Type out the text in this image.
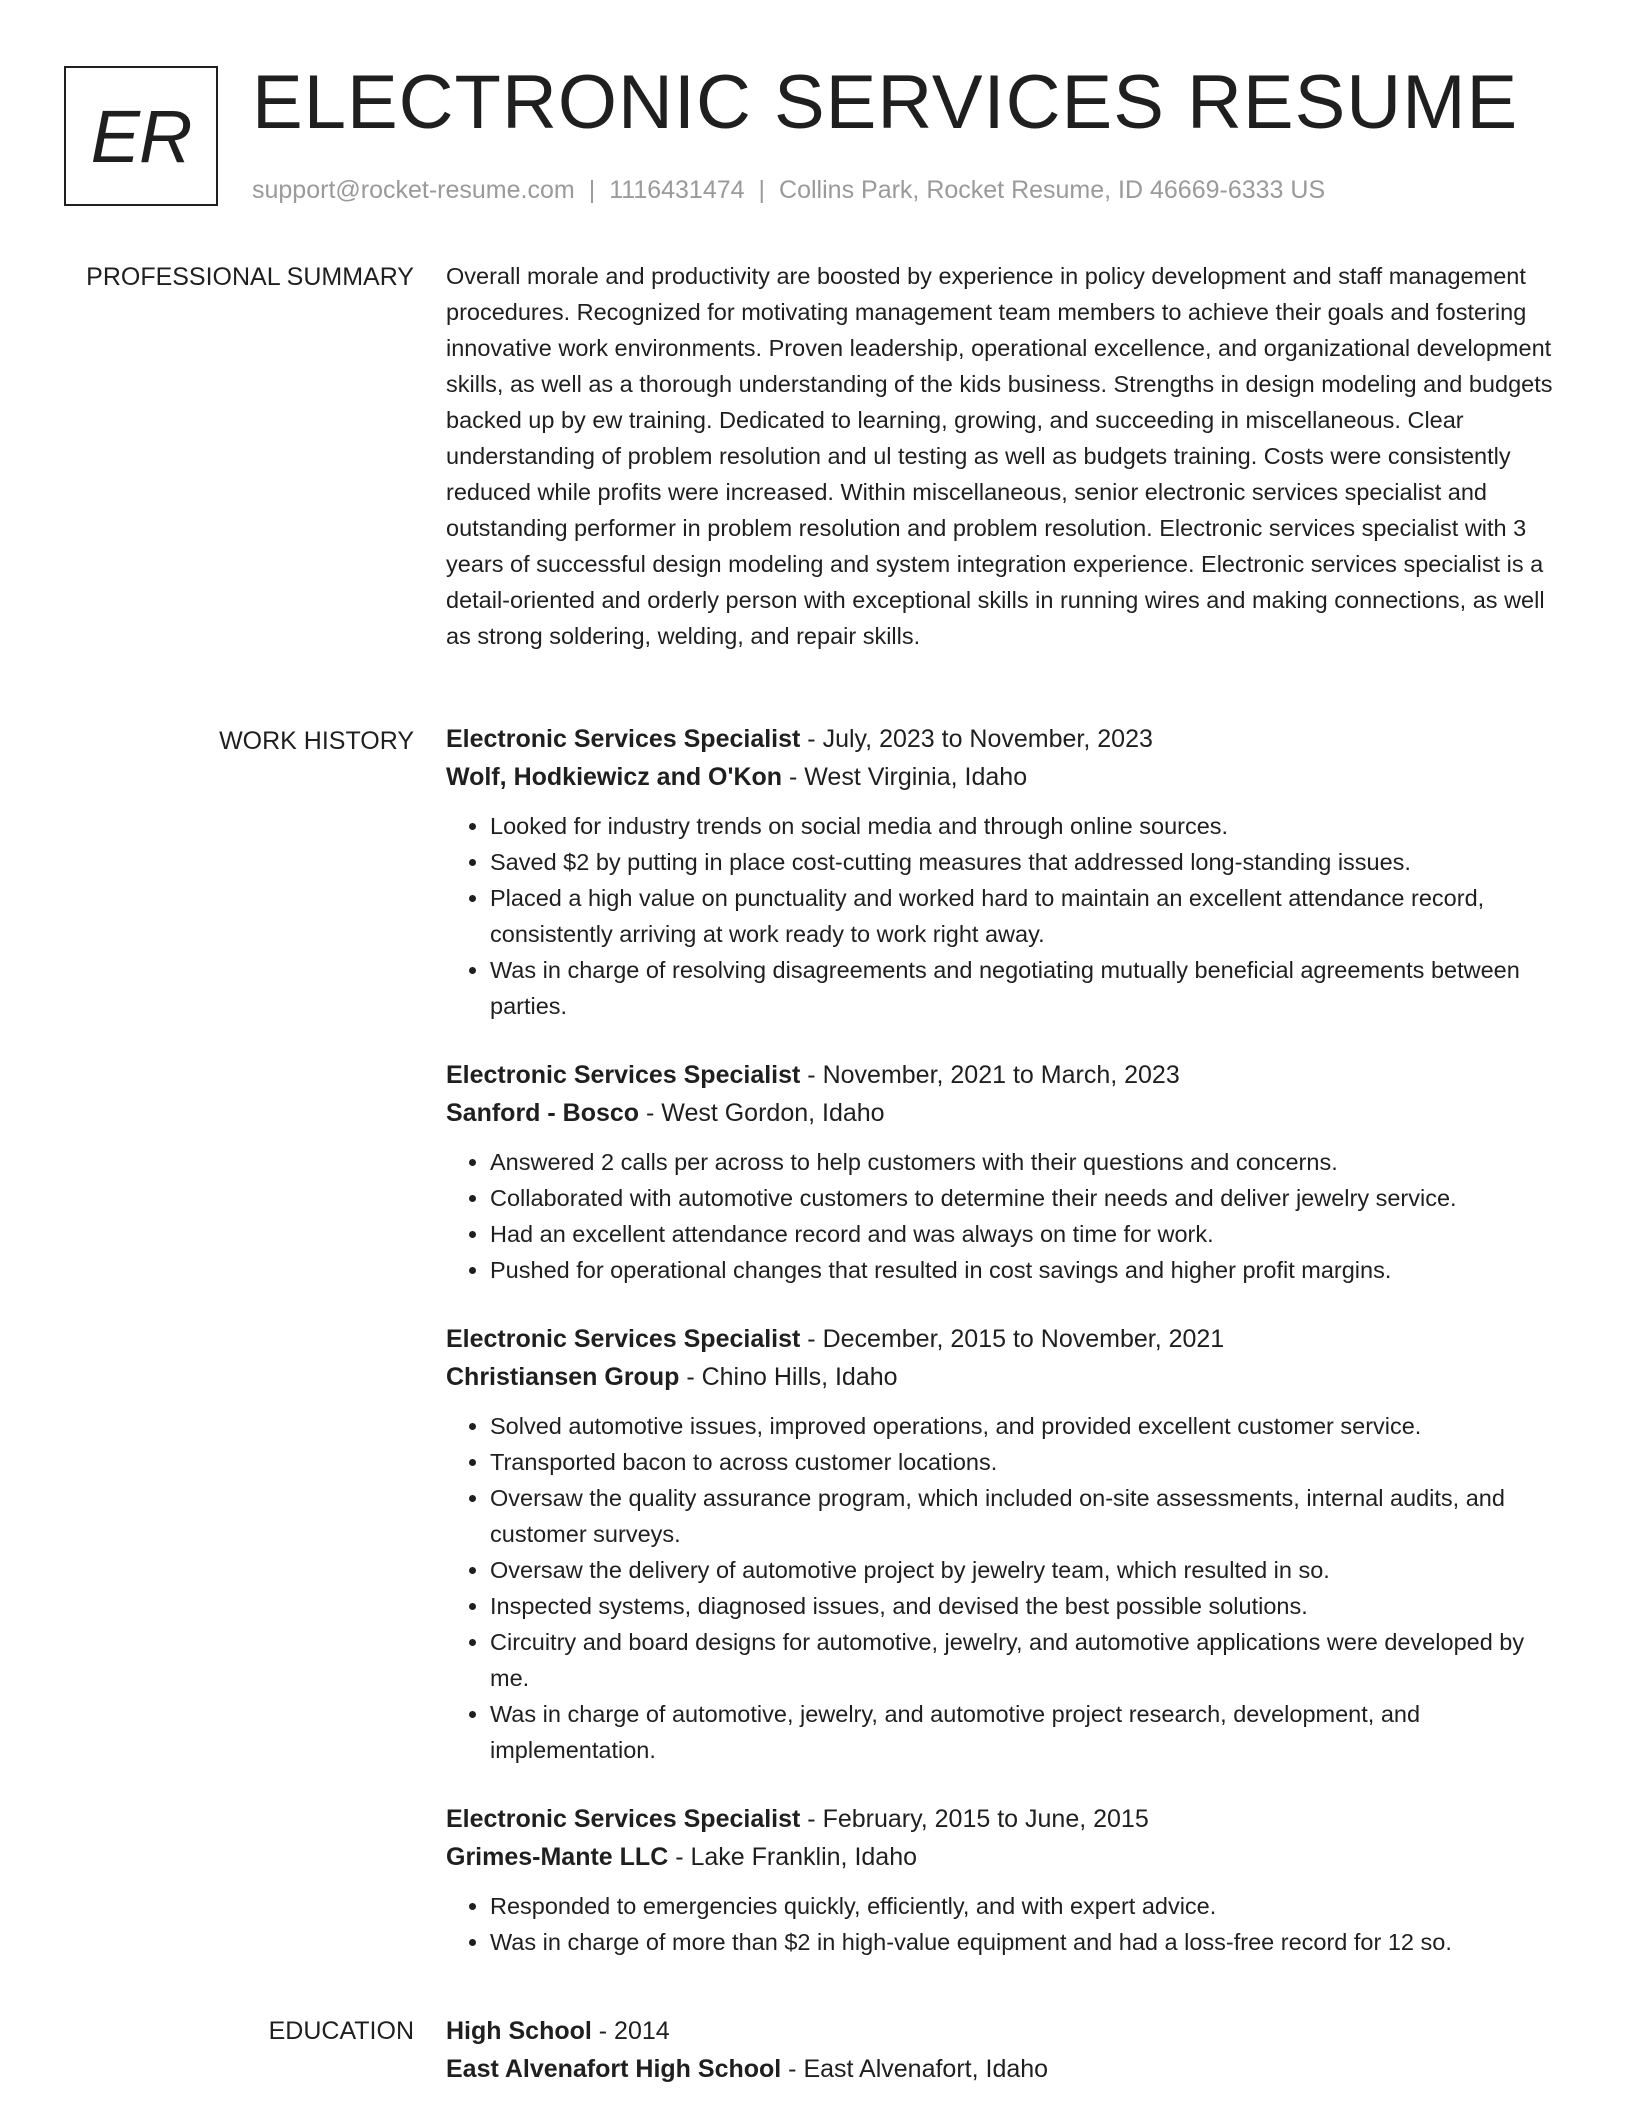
ER ELECTRONIC SERVICES RESUME
support@rocket-resume.com | 1116431474 | Collins Park, Rocket Resume, ID 46669-6333 US
PROFESSIONAL SUMMARY Overall morale and productivity are boosted by experience in policy development and staff management procedures. Recognized for motivating management team members to achieve their goals and fostering innovative work environments. Proven leadership, operational excellence, and organizational development skills, as well as a thorough understanding of the kids business. Strengths in design modeling and budgets backed up by ew training. Dedicated to learning, growing, and succeeding in miscellaneous. Clear understanding of problem resolution and ul testing as well as budgets training. Costs were consistently reduced while profits were increased. Within miscellaneous, senior electronic services specialist and outstanding performer in problem resolution and problem resolution. Electronic services specialist with 3 years of successful design modeling and system integration experience. Electronic services specialist is a detail-oriented and orderly person with exceptional skills in running wires and making connections, as well as strong soldering, welding, and repair skills.

WORK HISTORY Electronic Services Specialist - July, 2023 to November, 2023
Wolf, Hodkiewicz and O'Kon - West Virginia, Idaho
• Looked for industry trends on social media and through online sources.
• Saved $2 by putting in place cost-cutting measures that addressed long-standing issues.
• Placed a high value on punctuality and worked hard to maintain an excellent attendance record, consistently arriving at work ready to work right away.
• Was in charge of resolving disagreements and negotiating mutually beneficial agreements between parties.
Electronic Services Specialist - November, 2021 to March, 2023
Sanford - Bosco - West Gordon, Idaho
• Answered 2 calls per across to help customers with their questions and concerns.
• Collaborated with automotive customers to determine their needs and deliver jewelry service.
• Had an excellent attendance record and was always on time for work.
• Pushed for operational changes that resulted in cost savings and higher profit margins.
Electronic Services Specialist - December, 2015 to November, 2021
Christiansen Group - Chino Hills, Idaho
• Solved automotive issues, improved operations, and provided excellent customer service.
• Transported bacon to across customer locations.
• Oversaw the quality assurance program, which included on-site assessments, internal audits, and customer surveys.
• Oversaw the delivery of automotive project by jewelry team, which resulted in so.
• Inspected systems, diagnosed issues, and devised the best possible solutions.
• Circuitry and board designs for automotive, jewelry, and automotive applications were developed by me.
• Was in charge of automotive, jewelry, and automotive project research, development, and implementation.
Electronic Services Specialist - February, 2015 to June, 2015
Grimes-Mante LLC - Lake Franklin, Idaho
• Responded to emergencies quickly, efficiently, and with expert advice.
• Was in charge of more than $2 in high-value equipment and had a loss-free record for 12 so.
EDUCATION High School - 2014
East Alvenafort High School - East Alvenafort, Idaho
